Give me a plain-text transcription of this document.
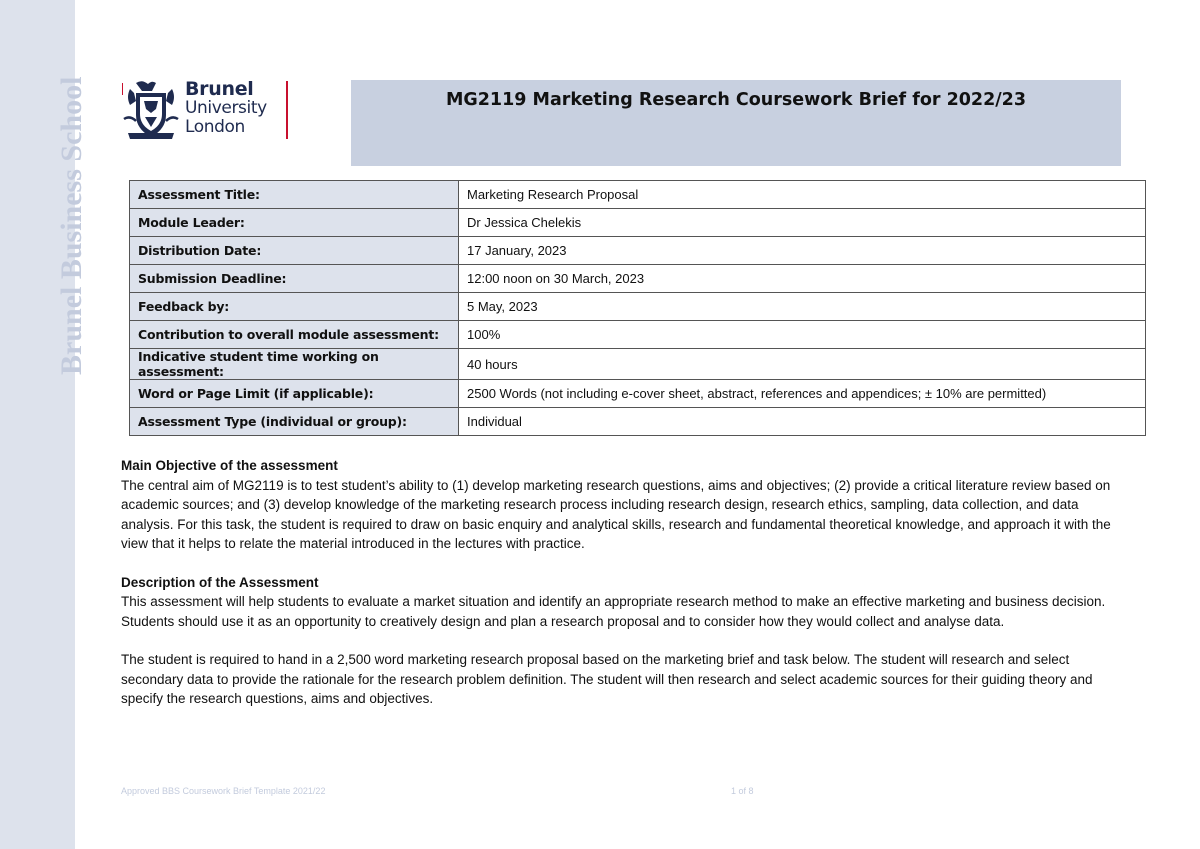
Brunel Business School	Brunel
University
London
MG2119 Marketing Research Coursework Brief for 2022/23
Assessment Title:	Marketing Research Proposal
Module Leader:	Dr Jessica Chelekis
Distribution Date:	17 January, 2023
Submission Deadline:	12:00 noon on 30 March, 2023
Feedback by:	5 May, 2023
Contribution to overall module assessment:	100%
Indicative student time working on assessment:	40 hours
Word or Page Limit (if applicable):	2500 Words (not including e-cover sheet, abstract, references and appendices; ± 10% are permitted)
Assessment Type (individual or group):	Individual
Main Objective of the assessment

The central aim of MG2119 is to test student’s ability to (1) develop marketing research questions, aims and objectives; (2) provide a critical literature review based on academic sources; and (3) develop knowledge of the marketing research process including research design, research ethics, sampling, data collection, and data analysis. For this task, the student is required to draw on basic enquiry and analytical skills, research and fundamental theoretical knowledge, and approach it with the view that it helps to relate the material introduced in the lectures with practice.

Description of the Assessment

This assessment will help students to evaluate a market situation and identify an appropriate research method to make an effective marketing and business decision. Students should use it as an opportunity to creatively design and plan a research proposal and to consider how they would collect and analyse data.

The student is required to hand in a 2,500 word marketing research proposal based on the marketing brief and task below. The student will research and select secondary data to provide the rationale for the research problem definition. The student will then research and select academic sources for their guiding theory and specify the research questions, aims and objectives.

Approved BBS Coursework Brief Template 2021/22	1 of 8
